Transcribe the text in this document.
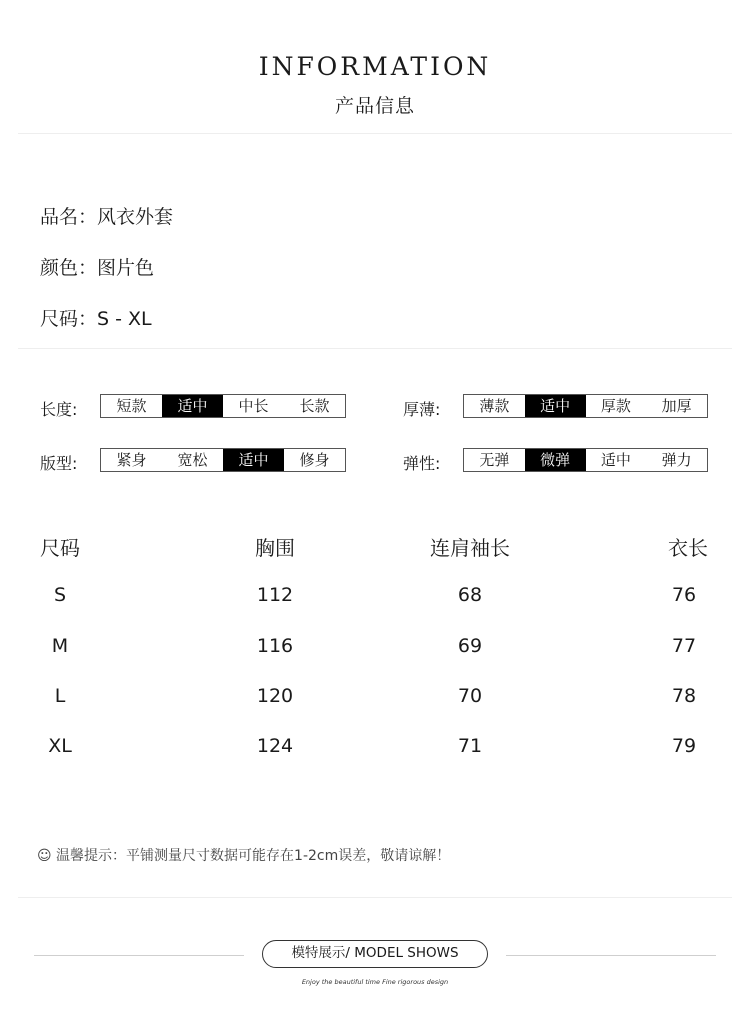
INFORMATION
产品信息
品名：风衣外套
颜色：图片色
尺码：S - XL
长度:	短款	适中	中长	长款	厚薄:	薄款	适中	厚款	加厚
版型:	紧身	宽松	适中	修身	弹性:	无弹	微弹	适中	弹力
尺码	胸围	连肩袖长	衣长
S	112	68	76
M	116	69	77
L	120	70	78
XL	124	71	79
☺ 温馨提示：平铺测量尺寸数据可能存在1-2cm误差，敬请谅解！
模特展示/ MODEL SHOWS
Enjoy the beautiful time Fine rigorous design
